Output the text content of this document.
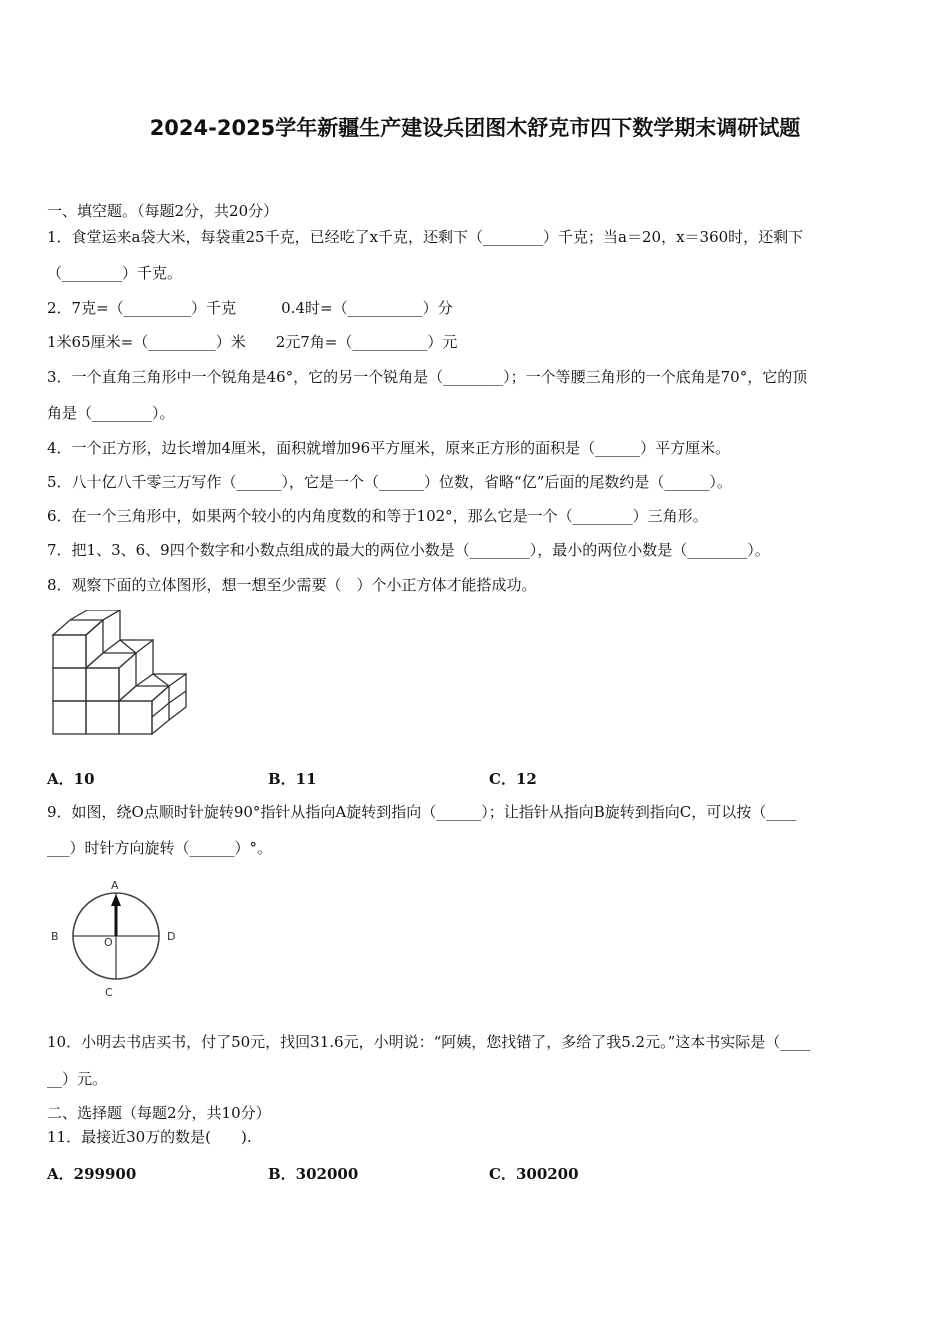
2024-2025学年新疆生产建设兵团图木舒克市四下数学期末调研试题
一、填空题。（每题2分，共20分）
1．食堂运来a袋大米，每袋重25千克，已经吃了x千克，还剩下（________）千克；当a＝20，x＝360时，还剩下
（________）千克。
2．7克=（_________）千克　　　0.4时=（__________）分
1米65厘米=（_________）米　　2元7角=（__________）元
3．一个直角三角形中一个锐角是46°，它的另一个锐角是（________）；一个等腰三角形的一个底角是70°，它的顶
角是（________）。
4．一个正方形，边长增加4厘米，面积就增加96平方厘米，原来正方形的面积是（______）平方厘米。
5．八十亿八千零三万写作（______），它是一个（______）位数，省略“亿”后面的尾数约是（______）。
6．在一个三角形中，如果两个较小的内角度数的和等于102°，那么它是一个（________）三角形。
7．把1、3、6、9四个数字和小数点组成的最大的两位小数是（________），最小的两位小数是（________）。
8．观察下面的立体图形，想一想至少需要（　）个小正方体才能搭成功。
A．10	B．11	C．12
9．如图，绕O点顺时针旋转90°指针从指向A旋转到指向（______）；让指针从指向B旋转到指向C，可以按（____
___）时针方向旋转（______）°。
A
B	D
C
O
10．小明去书店买书，付了50元，找回31.6元，小明说：“阿姨，您找错了，多给了我5.2元。”这本书实际是（____
__）元。
二、选择题（每题2分，共10分）
11．最接近30万的数是(　　).
A．299900	B．302000	C．300200
